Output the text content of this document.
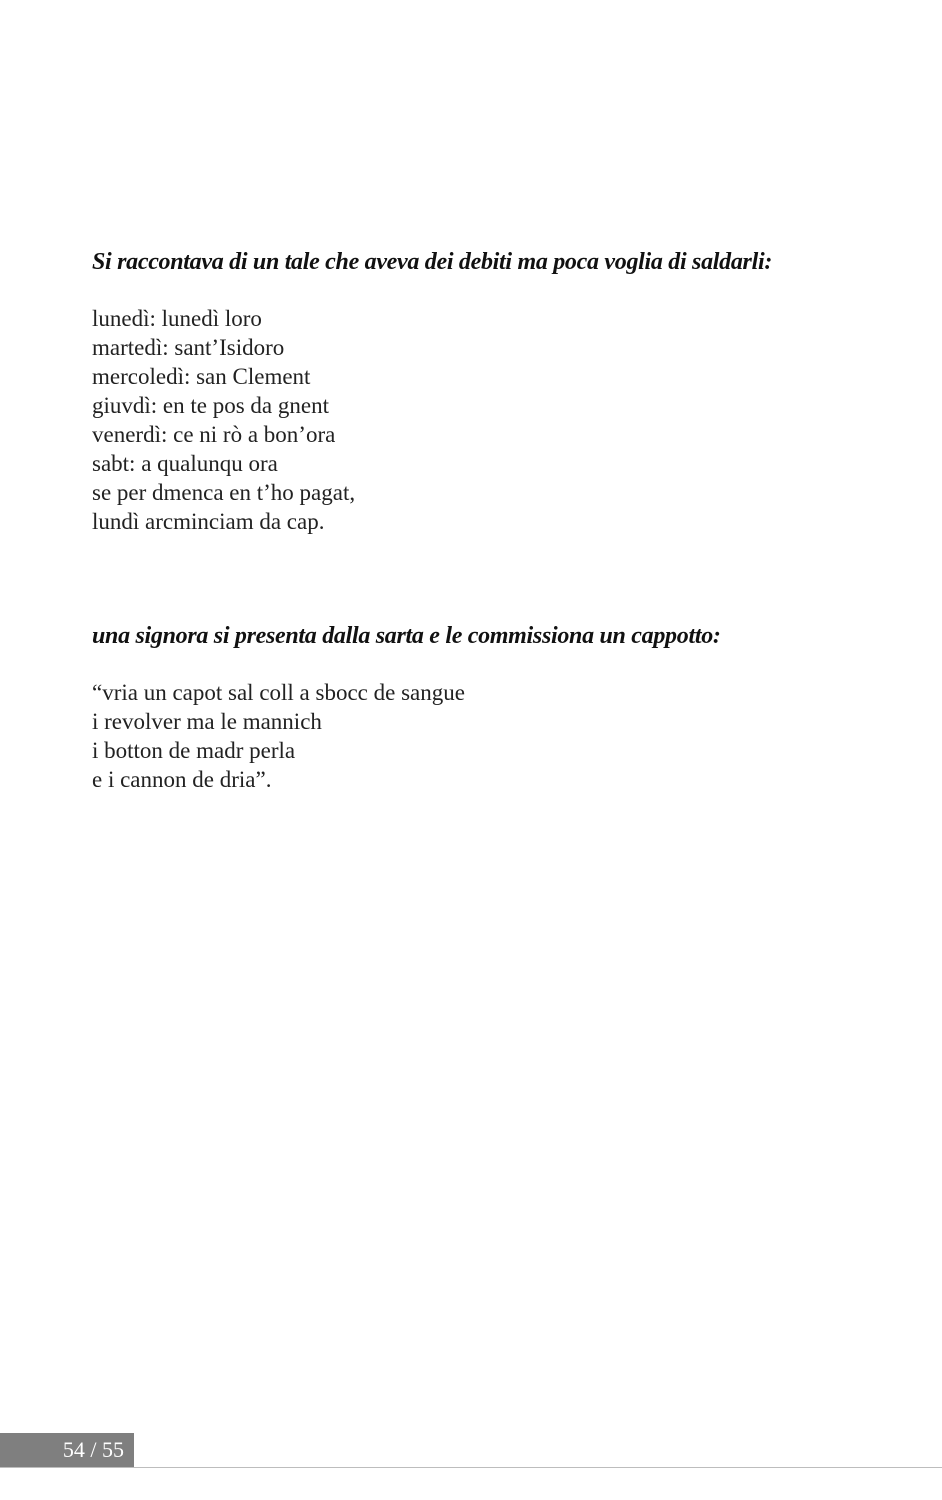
Si raccontava di un tale che aveva dei debiti ma poca voglia di saldarli:

lunedì: lunedì loro
martedì: sant’Isidoro
mercoledì: san Clement
giuvdì: en te pos da gnent
venerdì: ce ni rò a bon’ora
sabt: a qualunqu ora
se per dmenca en t’ho pagat,
lundì arcminciam da cap.

una signora si presenta dalla sarta e le commissiona un cappotto:

“vria un capot sal coll a sbocc de sangue
i revolver ma le mannich
i botton de madr perla
e i cannon de dria”.
54 / 55
